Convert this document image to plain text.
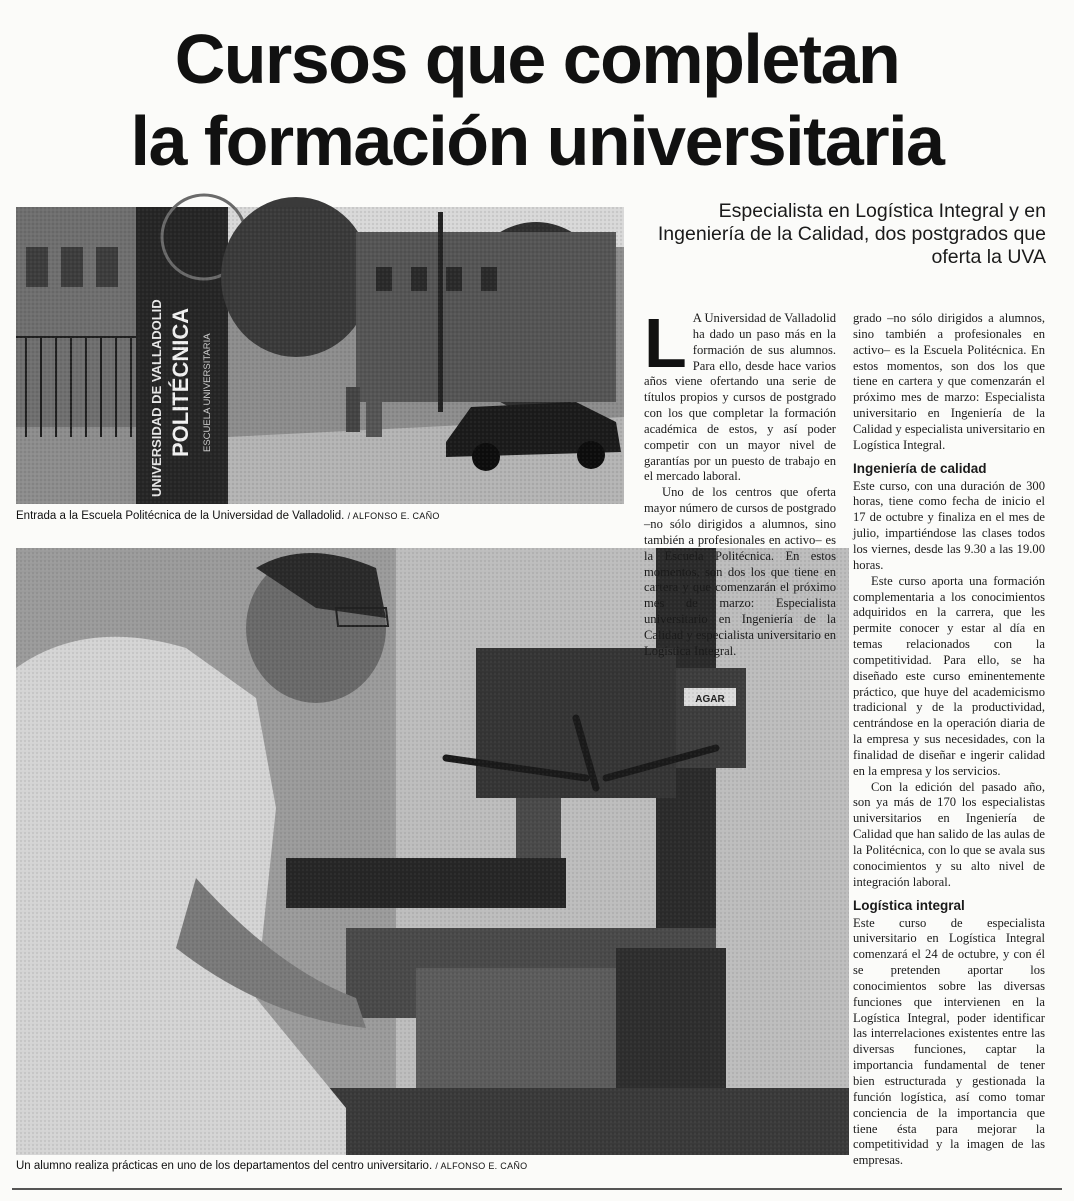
Cursos que completan
la formación universitaria
Entrada a la Escuela Politécnica de la Universidad de Valladolid. / ALFONSO E. CAÑO
Un alumno realiza prácticas en uno de los departamentos del centro universitario. / ALFONSO E. CAÑO
Especialista en Logística Integral y en Ingeniería de la Calidad, dos postgrados que oferta la UVA

L A Universidad de Valladolid ha dado un paso más en la formación de sus alumnos. Para ello, desde hace varios años viene ofertando una serie de títulos propios y cursos de postgrado con los que completar la formación académica de estos, y así poder competir con un mayor nivel de garantías por un puesto de trabajo en el mercado laboral.

Uno de los centros que oferta mayor número de cursos de postgrado –no sólo dirigidos a alumnos, sino también a profesionales en activo– es la Escuela Politécnica. En estos momentos, son dos los que tiene en cartera y que comenzarán el próximo mes de marzo: Especialista universitario en Ingeniería de la Calidad y especialista universitario en Logística Integral.

grado –no sólo dirigidos a alumnos, sino también a profesionales en activo– es la Escuela Politécnica. En estos momentos, son dos los que tiene en cartera y que comenzarán el próximo mes de marzo: Especialista universitario en Ingeniería de la Calidad y especialista universitario en Logística Integral.

Ingeniería de calidad

Este curso, con una duración de 300 horas, tiene como fecha de inicio el 17 de octubre y finaliza en el mes de julio, impartiéndose las clases todos los viernes, desde las 9.30 a las 19.00 horas.

Este curso aporta una formación complementaria a los conocimientos adquiridos en la carrera, que les permite conocer y estar al día en temas relacionados con la competitividad. Para ello, se ha diseñado este curso eminentemente práctico, que huye del academicismo tradicional y de la productividad, centrándose en la operación diaria de la empresa y sus necesidades, con la finalidad de diseñar e ingerir calidad en la empresa y los servicios.

Con la edición del pasado año, son ya más de 170 los especialistas universitarios en Ingeniería de Calidad que han salido de las aulas de la Politécnica, con lo que se avala sus conocimientos y su alto nivel de integración laboral.

Logística integral

Este curso de especialista universitario en Logística Integral comenzará el 24 de octubre, y con él se pretenden aportar los conocimientos sobre las diversas funciones que intervienen en la Logística Integral, poder identificar las interrelaciones existentes entre las diversas funciones, captar la importancia fundamental de tener bien estructurada y gestionada la función logística, así como tomar conciencia de la importancia que tiene ésta para mejorar la competitividad y la imagen de las empresas.
